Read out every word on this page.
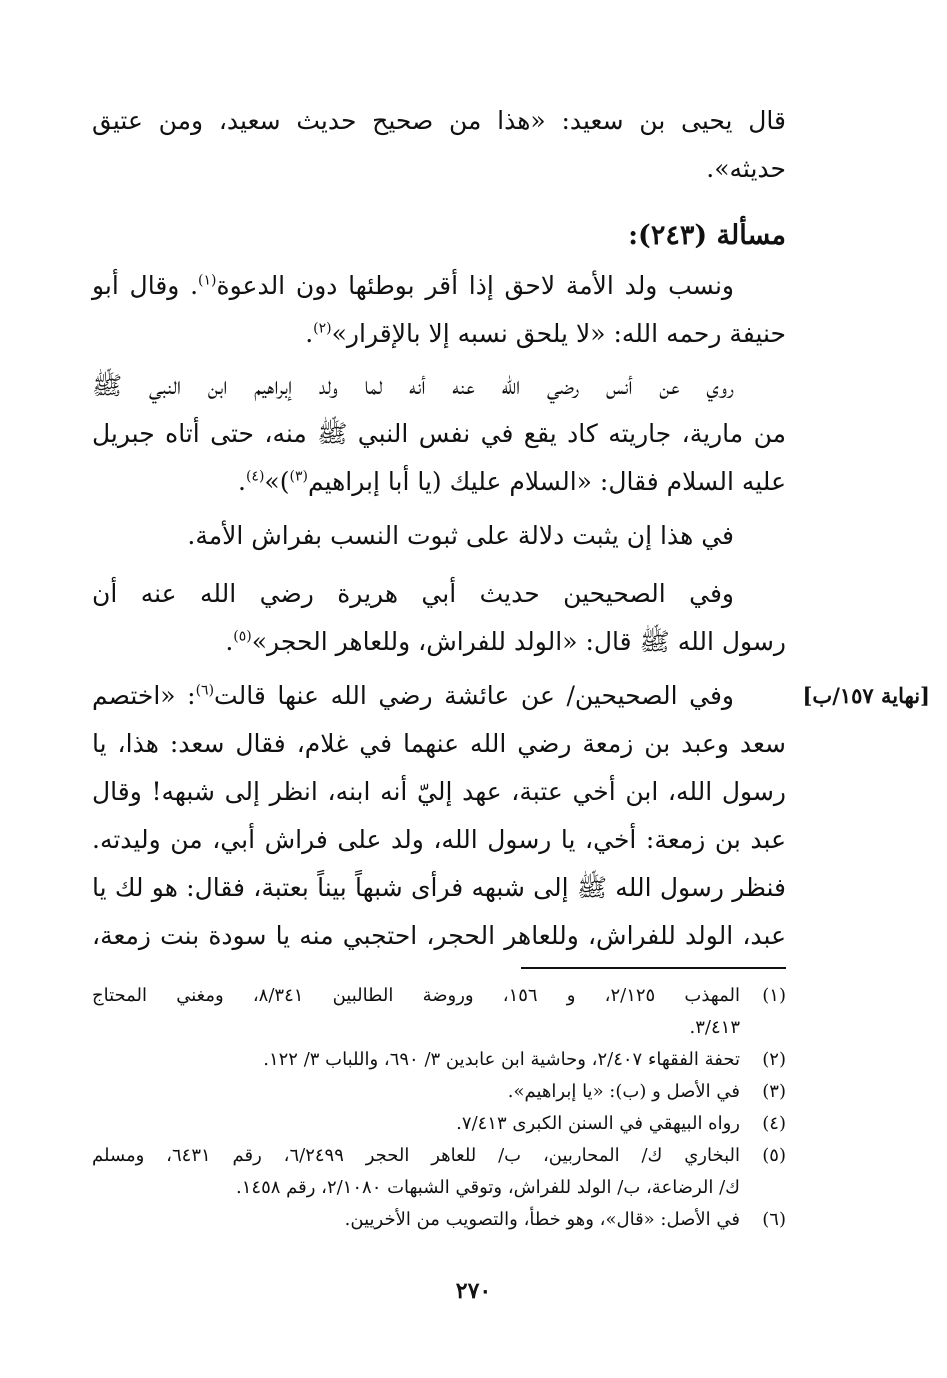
قال يحيى بن سعيد: «هذا من صحيح حديث سعيد، ومن عتيق
حديثه».
مسألة (٢٤٣):
ونسب ولد الأمة لاحق إذا أقر بوطئها دون الدعوة$^{(١)}$. وقال أبو
حنيفة رحمه الله: «لا يلحق نسبه إلا بالإقرار»$^{(٢)}$.
روي عن أنس رضي الله عنه أنه لما ولد إبراهيم ابن النبي ﷺ
من مارية، جاريته كاد يقع في نفس النبي ﷺ منه، حتى أتاه جبريل
عليه السلام فقال: «السلام عليك (يا أبا إبراهيم$^{(٣)}$)»$^{(٤)}$.
في هذا إن يثبت دلالة على ثبوت النسب بفراش الأمة.
وفي الصحيحين حديث أبي هريرة رضي الله عنه أن
رسول الله ﷺ قال: «الولد للفراش، وللعاهر الحجر»$^{(٥)}$.
[نهاية ١٥٧/ب]
وفي الصحيحين/ عن عائشة رضي الله عنها قالت$^{(٦)}$: «اختصم
سعد وعبد بن زمعة رضي الله عنهما في غلام، فقال سعد: هذا، يا
رسول الله، ابن أخي عتبة، عهد إليّ أنه ابنه، انظر إلى شبهه! وقال
عبد بن زمعة: أخي، يا رسول الله، ولد على فراش أبي، من وليدته.
فنظر رسول الله ﷺ إلى شبهه فرأى شبهاً بيناً بعتبة، فقال: هو لك يا
عبد، الولد للفراش، وللعاهر الحجر، احتجبي منه يا سودة بنت زمعة،
(١)
المهذب ٢/١٢٥، و ١٥٦، وروضة الطالبين ٨/٣٤١، ومغني المحتاج
٣/٤١٣.
(٢)
تحفة الفقهاء ٢/٤٠٧، وحاشية ابن عابدين ٣/ ٦٩٠، واللباب ٣/ ١٢٢.
(٣)
في الأصل و (ب): «يا إبراهيم».
(٤)
رواه البيهقي في السنن الكبرى ٧/٤١٣.
(٥)
البخاري ك/ المحاربين، ب/ للعاهر الحجر ٦/٢٤٩٩، رقم ٦٤٣١، ومسلم
ك/ الرضاعة، ب/ الولد للفراش، وتوقي الشبهات ٢/١٠٨٠، رقم ١٤٥٨.
(٦)
في الأصل: «قال»، وهو خطأ، والتصويب من الأخريين.
٢٧٠
